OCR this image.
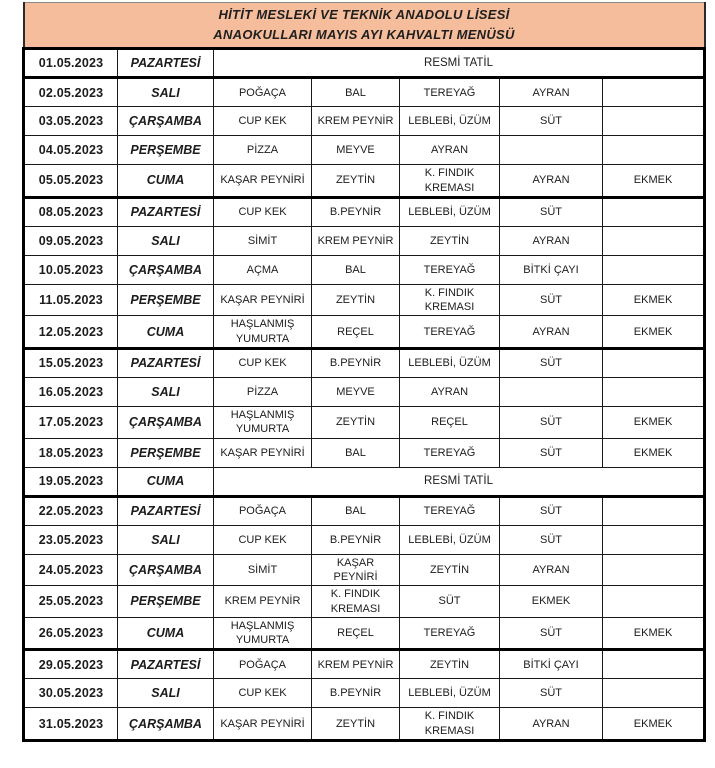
HİTİT MESLEKİ VE TEKNİK ANADOLU LİSESİ
ANAOKULLARI MAYIS AYI KAHVALTI MENÜSÜ						

01.05.2023	PAZARTESİ	RESMİ TATİL				
02.05.2023	SALI	POĞAÇA	BAL	TEREYAĞ	AYRAN	
03.05.2023	ÇARŞAMBA	CUP KEK	KREM PEYNİR	LEBLEBİ, ÜZÜM	SÜT	
04.05.2023	PERŞEMBE	PİZZA	MEYVE	AYRAN		
05.05.2023	CUMA	KAŞAR PEYNİRİ	ZEYTİN	K. FINDIK KREMASI	AYRAN	EKMEK
08.05.2023	PAZARTESİ	CUP KEK	B.PEYNİR	LEBLEBİ, ÜZÜM	SÜT	
09.05.2023	SALI	SİMİT	KREM PEYNİR	ZEYTİN	AYRAN	
10.05.2023	ÇARŞAMBA	AÇMA	BAL	TEREYAĞ	BİTKİ ÇAYI	
11.05.2023	PERŞEMBE	KAŞAR PEYNİRİ	ZEYTİN	K. FINDIK KREMASI	SÜT	EKMEK
12.05.2023	CUMA	HAŞLANMIŞ YUMURTA	REÇEL	TEREYAĞ	AYRAN	EKMEK
15.05.2023	PAZARTESİ	CUP KEK	B.PEYNİR	LEBLEBİ, ÜZÜM	SÜT	
16.05.2023	SALI	PİZZA	MEYVE	AYRAN		
17.05.2023	ÇARŞAMBA	HAŞLANMIŞ YUMURTA	ZEYTİN	REÇEL	SÜT	EKMEK
18.05.2023	PERŞEMBE	KAŞAR PEYNİRİ	BAL	TEREYAĞ	SÜT	EKMEK
19.05.2023	CUMA	RESMİ TATİL				
22.05.2023	PAZARTESİ	POĞAÇA	BAL	TEREYAĞ	SÜT	
23.05.2023	SALI	CUP KEK	B.PEYNİR	LEBLEBİ, ÜZÜM	SÜT	
24.05.2023	ÇARŞAMBA	SİMİT	KAŞAR PEYNİRİ	ZEYTİN	AYRAN	
25.05.2023	PERŞEMBE	KREM PEYNİR	K. FINDIK KREMASI	SÜT	EKMEK	
26.05.2023	CUMA	HAŞLANMIŞ YUMURTA	REÇEL	TEREYAĞ	SÜT	EKMEK
29.05.2023	PAZARTESİ	POĞAÇA	KREM PEYNİR	ZEYTİN	BİTKİ ÇAYI	
30.05.2023	SALI	CUP KEK	B.PEYNİR	LEBLEBİ, ÜZÜM	SÜT	
31.05.2023	ÇARŞAMBA	KAŞAR PEYNİRİ	ZEYTİN	K. FINDIK KREMASI	AYRAN	EKMEK
